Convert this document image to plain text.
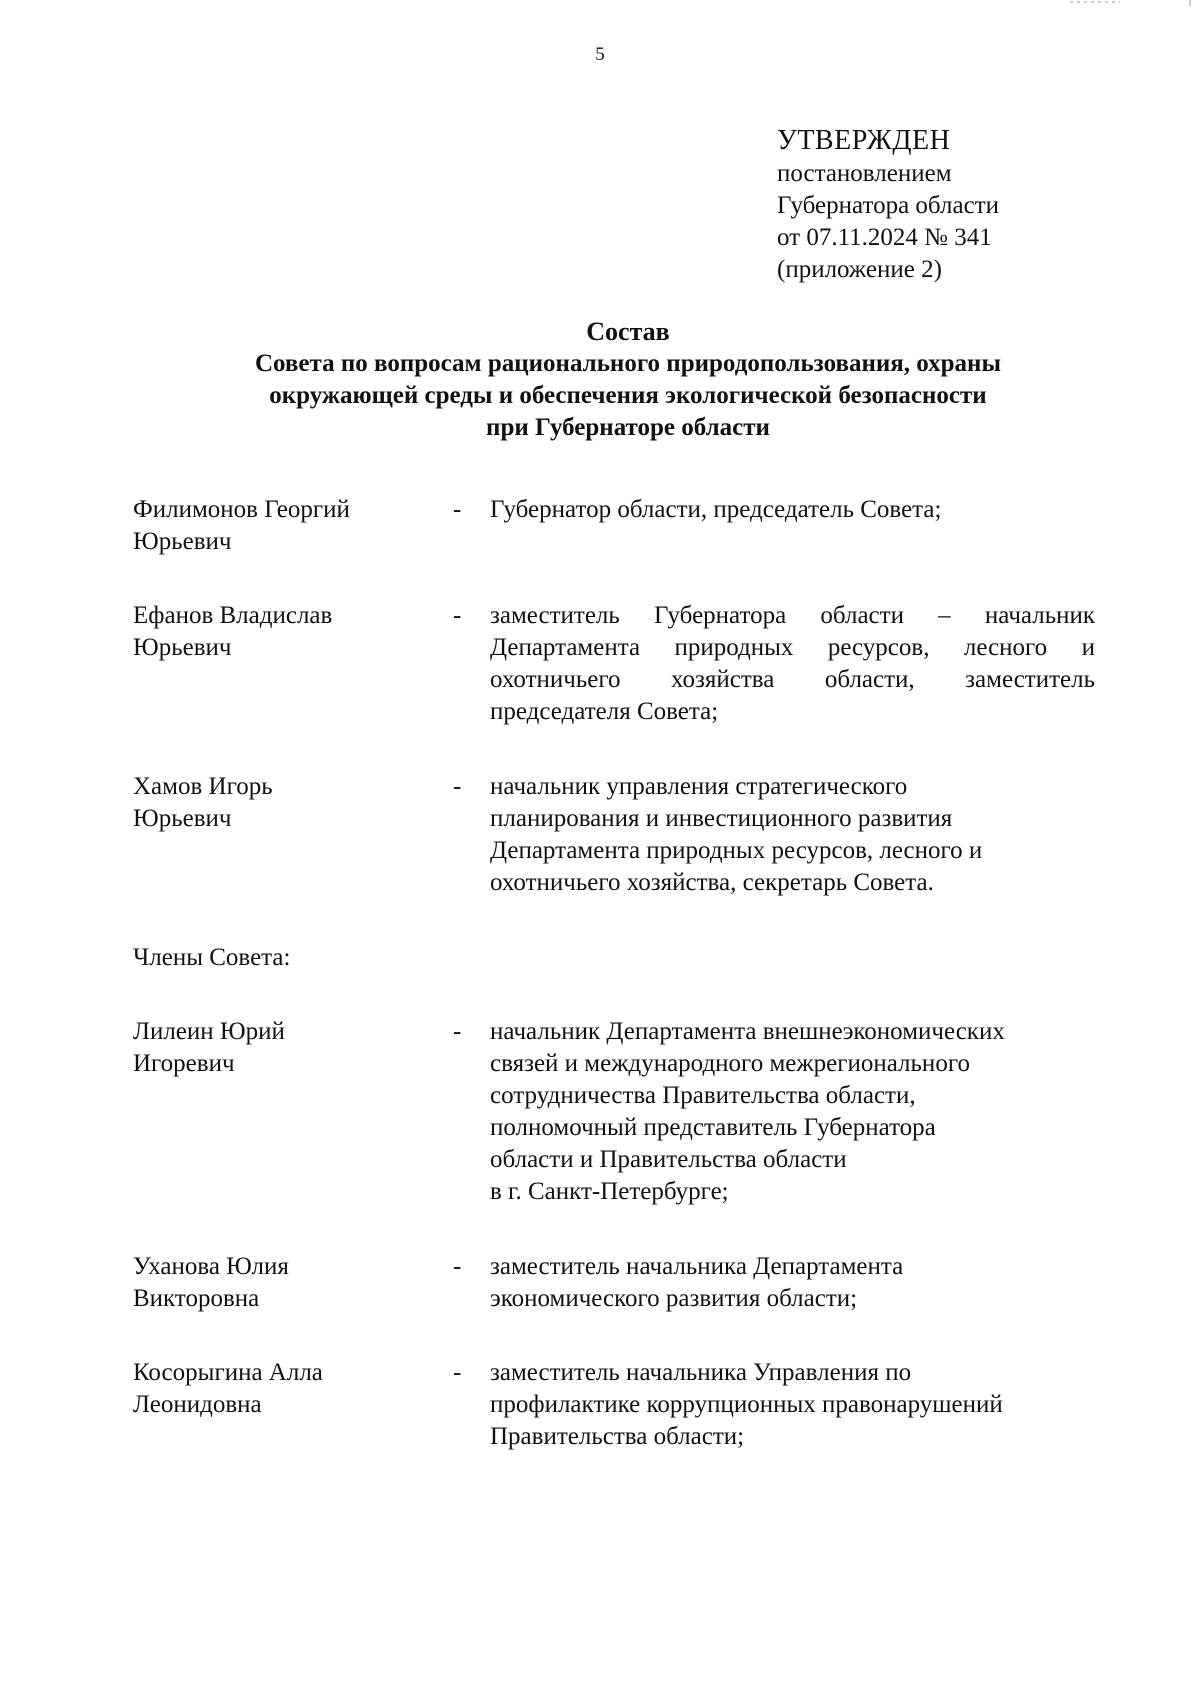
5
УТВЕРЖДЕН
постановлением
Губернатора области
от 07.11.2024 № 341
(приложение 2)
Состав
Совета по вопросам рационального природопользования, охраны
окружающей среды и обеспечения экологической безопасности
при Губернаторе области
Филимонов Георгий
Юрьевич
- Губернатор области, председатель Совета;
Ефанов Владислав
Юрьевич
- заместитель Губернатора области – начальник Департамента природных ресурсов, лесного и охотничьего хозяйства области, заместитель председателя Совета;
Хамов Игорь
Юрьевич
- начальник управления стратегического
планирования и инвестиционного развития
Департамента природных ресурсов, лесного и
охотничьего хозяйства, секретарь Совета.
Члены Совета:
Лилеин Юрий
Игоревич
- начальник Департамента внешнеэкономических
связей и международного межрегионального
сотрудничества Правительства области,
полномочный представитель Губернатора
области и Правительства области
в г. Санкт-Петербурге;
Уханова Юлия
Викторовна
- заместитель начальника Департамента
экономического развития области;
Косорыгина Алла
Леонидовна
- заместитель начальника Управления по
профилактике коррупционных правонарушений
Правительства области;
